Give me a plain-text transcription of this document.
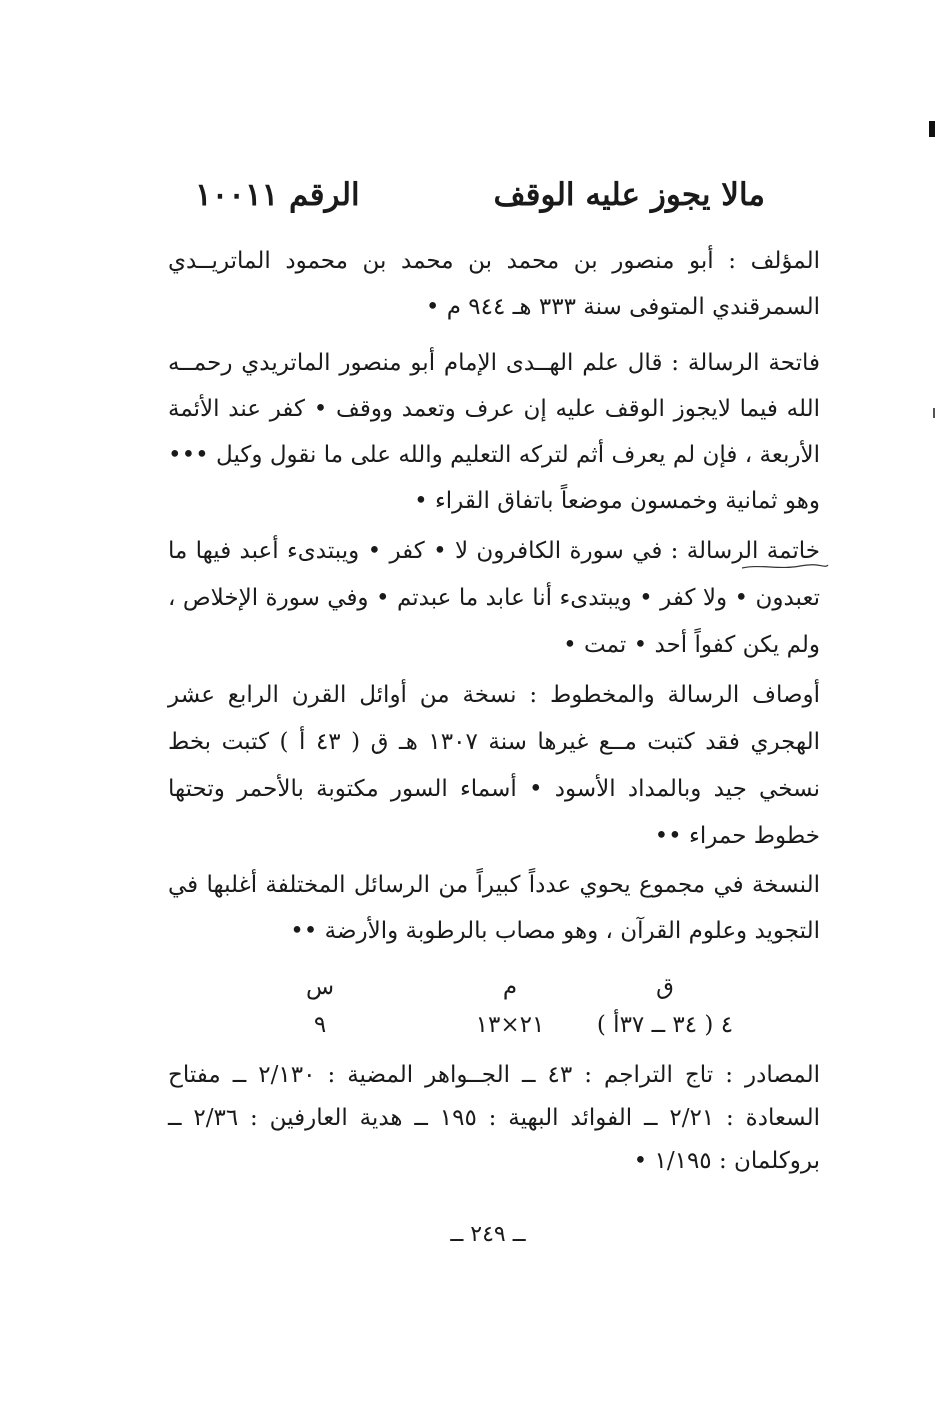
مالا يجوز عليه الوقف
الرقم ١٠٠١١

المؤلف : أبو منصور بن محمد بن محمد بن محمود الماتريــدي السمرقندي المتوفى سنة ٣٣٣ هـ ٩٤٤ م •

فاتحة الرسالة : قال علم الهــدى الإمام أبو منصور الماتريدي رحمــه الله فيما لايجوز الوقف عليه إن عرف وتعمد ووقف • كفر عند الأئمة الأربعة ، فإن لم يعرف أثم لتركه التعليم والله على ما نقول وكيل ••• وهو ثمانية وخمسون موضعاً باتفاق القراء •

خاتمة الرسالة : في سورة الكافرون لا • كفر • ويبتدىء أعبد فيها ما تعبدون • ولا كفر • ويبتدىء أنا عابد ما عبدتم • وفي سورة الإخلاص ، ولم يكن كفواً أحد • تمت •

أوصاف الرسالة والمخطوط : نسخة من أوائل القرن الرابع عشر الهجري فقد كتبت مــع غيرها سنة ١٣٠٧ هـ ق ( ٤٣ أ ) كتبت بخط نسخي جيد وبالمداد الأسود • أسماء السور مكتوبة بالأحمر وتحتها خطوط حمراء ••

النسخة في مجموع يحوي عدداً كبيراً من الرسائل المختلفة أغلبها في التجويد وعلوم القرآن ، وهو مصاب بالرطوبة والأرضة ••

ق
٤ ( ٣٤ ــ ٣٧أ )
م
٢١×١٣
س
٩

المصادر : تاج التراجم : ٤٣ ــ الجــواهر المضية : ٢/١٣٠ ــ مفتاح السعادة : ٢/٢١ ــ الفوائد البهية : ١٩٥ ــ هدية العارفين : ٢/٣٦ ــ بروكلمان : ١/١٩٥ •

ــ ٢٤٩ ــ
